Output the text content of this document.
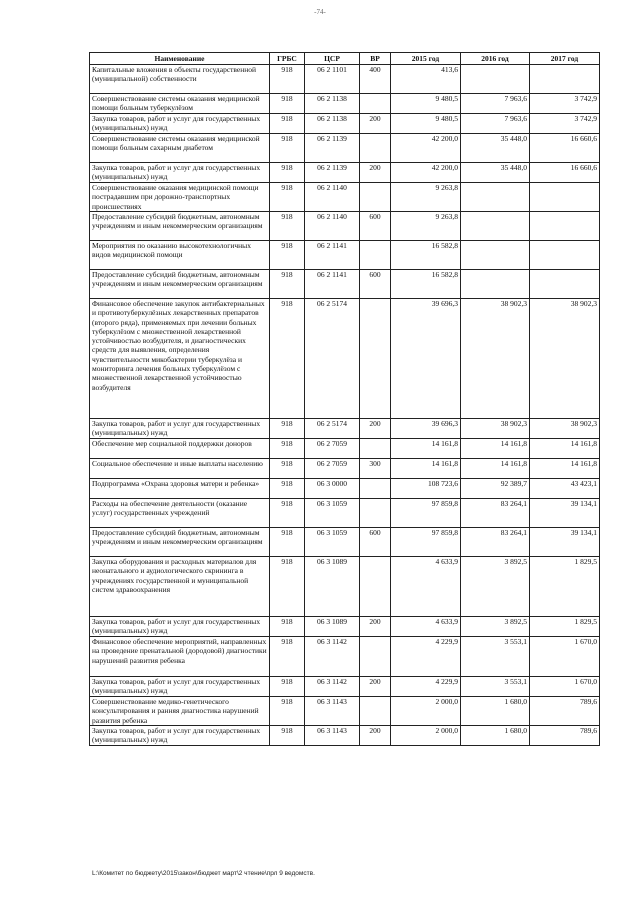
-74-
Наименование	ГРБС	ЦСР	ВР	2015 год	2016 год	2017 год
Капитальные вложения в объекты государственной (муниципальной) собственности	918	06 2 1101	400	413,6		
Совершенствование системы оказания медицинской помощи больным туберкулёзом	918	06 2 1138		9 480,5	7 963,6	3 742,9
Закупка товаров, работ и услуг для государственных (муниципальных) нужд	918	06 2 1138	200	9 480,5	7 963,6	3 742,9
Совершенствование системы оказания медицинской помощи больным сахарным диабетом	918	06 2 1139		42 200,0	35 448,0	16 660,6
Закупка товаров, работ и услуг для государственных (муниципальных) нужд	918	06 2 1139	200	42 200,0	35 448,0	16 660,6
Совершенствование оказания медицинской помощи пострадавшим при дорожно-транспортных происшествиях	918	06 2 1140		9 263,8		
Предоставление субсидий бюджетным, автономным учреждениям и иным некоммерческим организациям	918	06 2 1140	600	9 263,8		
Мероприятия по оказанию высокотехнологичных видов медицинской помощи	918	06 2 1141		16 582,8		
Предоставление субсидий бюджетным, автономным учреждениям и иным некоммерческим организациям	918	06 2 1141	600	16 582,8		
Финансовое обеспечение закупок антибактериальных и противотуберкулёзных лекарственных препаратов (второго ряда), применяемых при лечении больных туберкулёзом с множественной лекарственной устойчивостью возбудителя, и диагностических средств для выявления, определения чувствительности микобактерии туберкулёза и мониторинга лечения больных туберкулёзом с множественной лекарственной устойчивостью возбудителя	918	06 2 5174		39 696,3	38 902,3	38 902,3
Закупка товаров, работ и услуг для государственных (муниципальных) нужд	918	06 2 5174	200	39 696,3	38 902,3	38 902,3
Обеспечение мер социальной поддержки доноров	918	06 2 7059		14 161,8	14 161,8	14 161,8
Социальное обеспечение и иные выплаты населению	918	06 2 7059	300	14 161,8	14 161,8	14 161,8
Подпрограмма «Охрана здоровья матери и ребенка»	918	06 3 0000		108 723,6	92 389,7	43 423,1
Расходы на обеспечение деятельности (оказание услуг) государственных учреждений	918	06 3 1059		97 859,8	83 264,1	39 134,1
Предоставление субсидий бюджетным, автономным учреждениям и иным некоммерческим организациям	918	06 3 1059	600	97 859,8	83 264,1	39 134,1
Закупка оборудования и расходных материалов для неонатального и аудиологического скрининга в учреждениях государственной и муниципальной систем здравоохранения	918	06 3 1089		4 633,9	3 892,5	1 829,5
Закупка товаров, работ и услуг для государственных (муниципальных) нужд	918	06 3 1089	200	4 633,9	3 892,5	1 829,5
Финансовое обеспечение мероприятий, направленных на проведение пренатальной (дородовой) диагностики нарушений развития ребенка	918	06 3 1142		4 229,9	3 553,1	1 670,0
Закупка товаров, работ и услуг для государственных (муниципальных) нужд	918	06 3 1142	200	4 229,9	3 553,1	1 670,0
Совершенствование медико-генетического консультирования и ранняя диагностика нарушений развития ребенка	918	06 3 1143		2 000,0	1 680,0	789,6
Закупка товаров, работ и услуг для государственных (муниципальных) нужд	918	06 3 1143	200	2 000,0	1 680,0	789,6
L:\Комитет по бюджету\2015\закон\бюджет март\2 чтение\прл 9 ведомств.
